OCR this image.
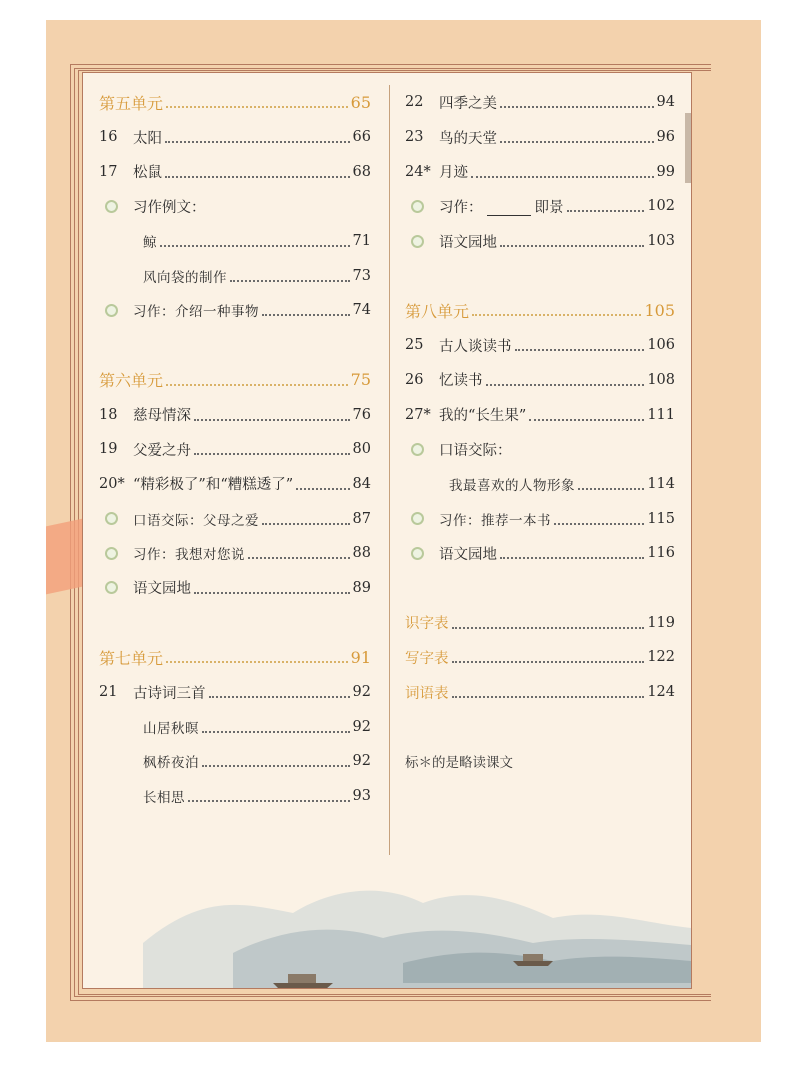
第五单元	65
16	太阳	66
17	松鼠	68
习作例文：
鲸	71
风向袋的制作	73
习作：介绍一种事物	74
第六单元	75
18	慈母情深	76
19	父爱之舟	80
20* “精彩极了”和“糟糕透了”	84
口语交际：父母之爱	87
习作：我想对您说	88
语文园地	89
第七单元	91
21	古诗词三首	92
山居秋暝	92
枫桥夜泊	92
长相思	93
22	四季之美	94
23	鸟的天堂	96
24* 月迹	99
习作：	即景	102
语文园地	103
第八单元	105
25	古人谈读书	106
26	忆读书	108
27* 我的“长生果”	111
口语交际：
我最喜欢的人物形象	114
习作：推荐一本书	115
语文园地	116
识字表	119
写字表	122
词语表	124
标＊的是略读课文
